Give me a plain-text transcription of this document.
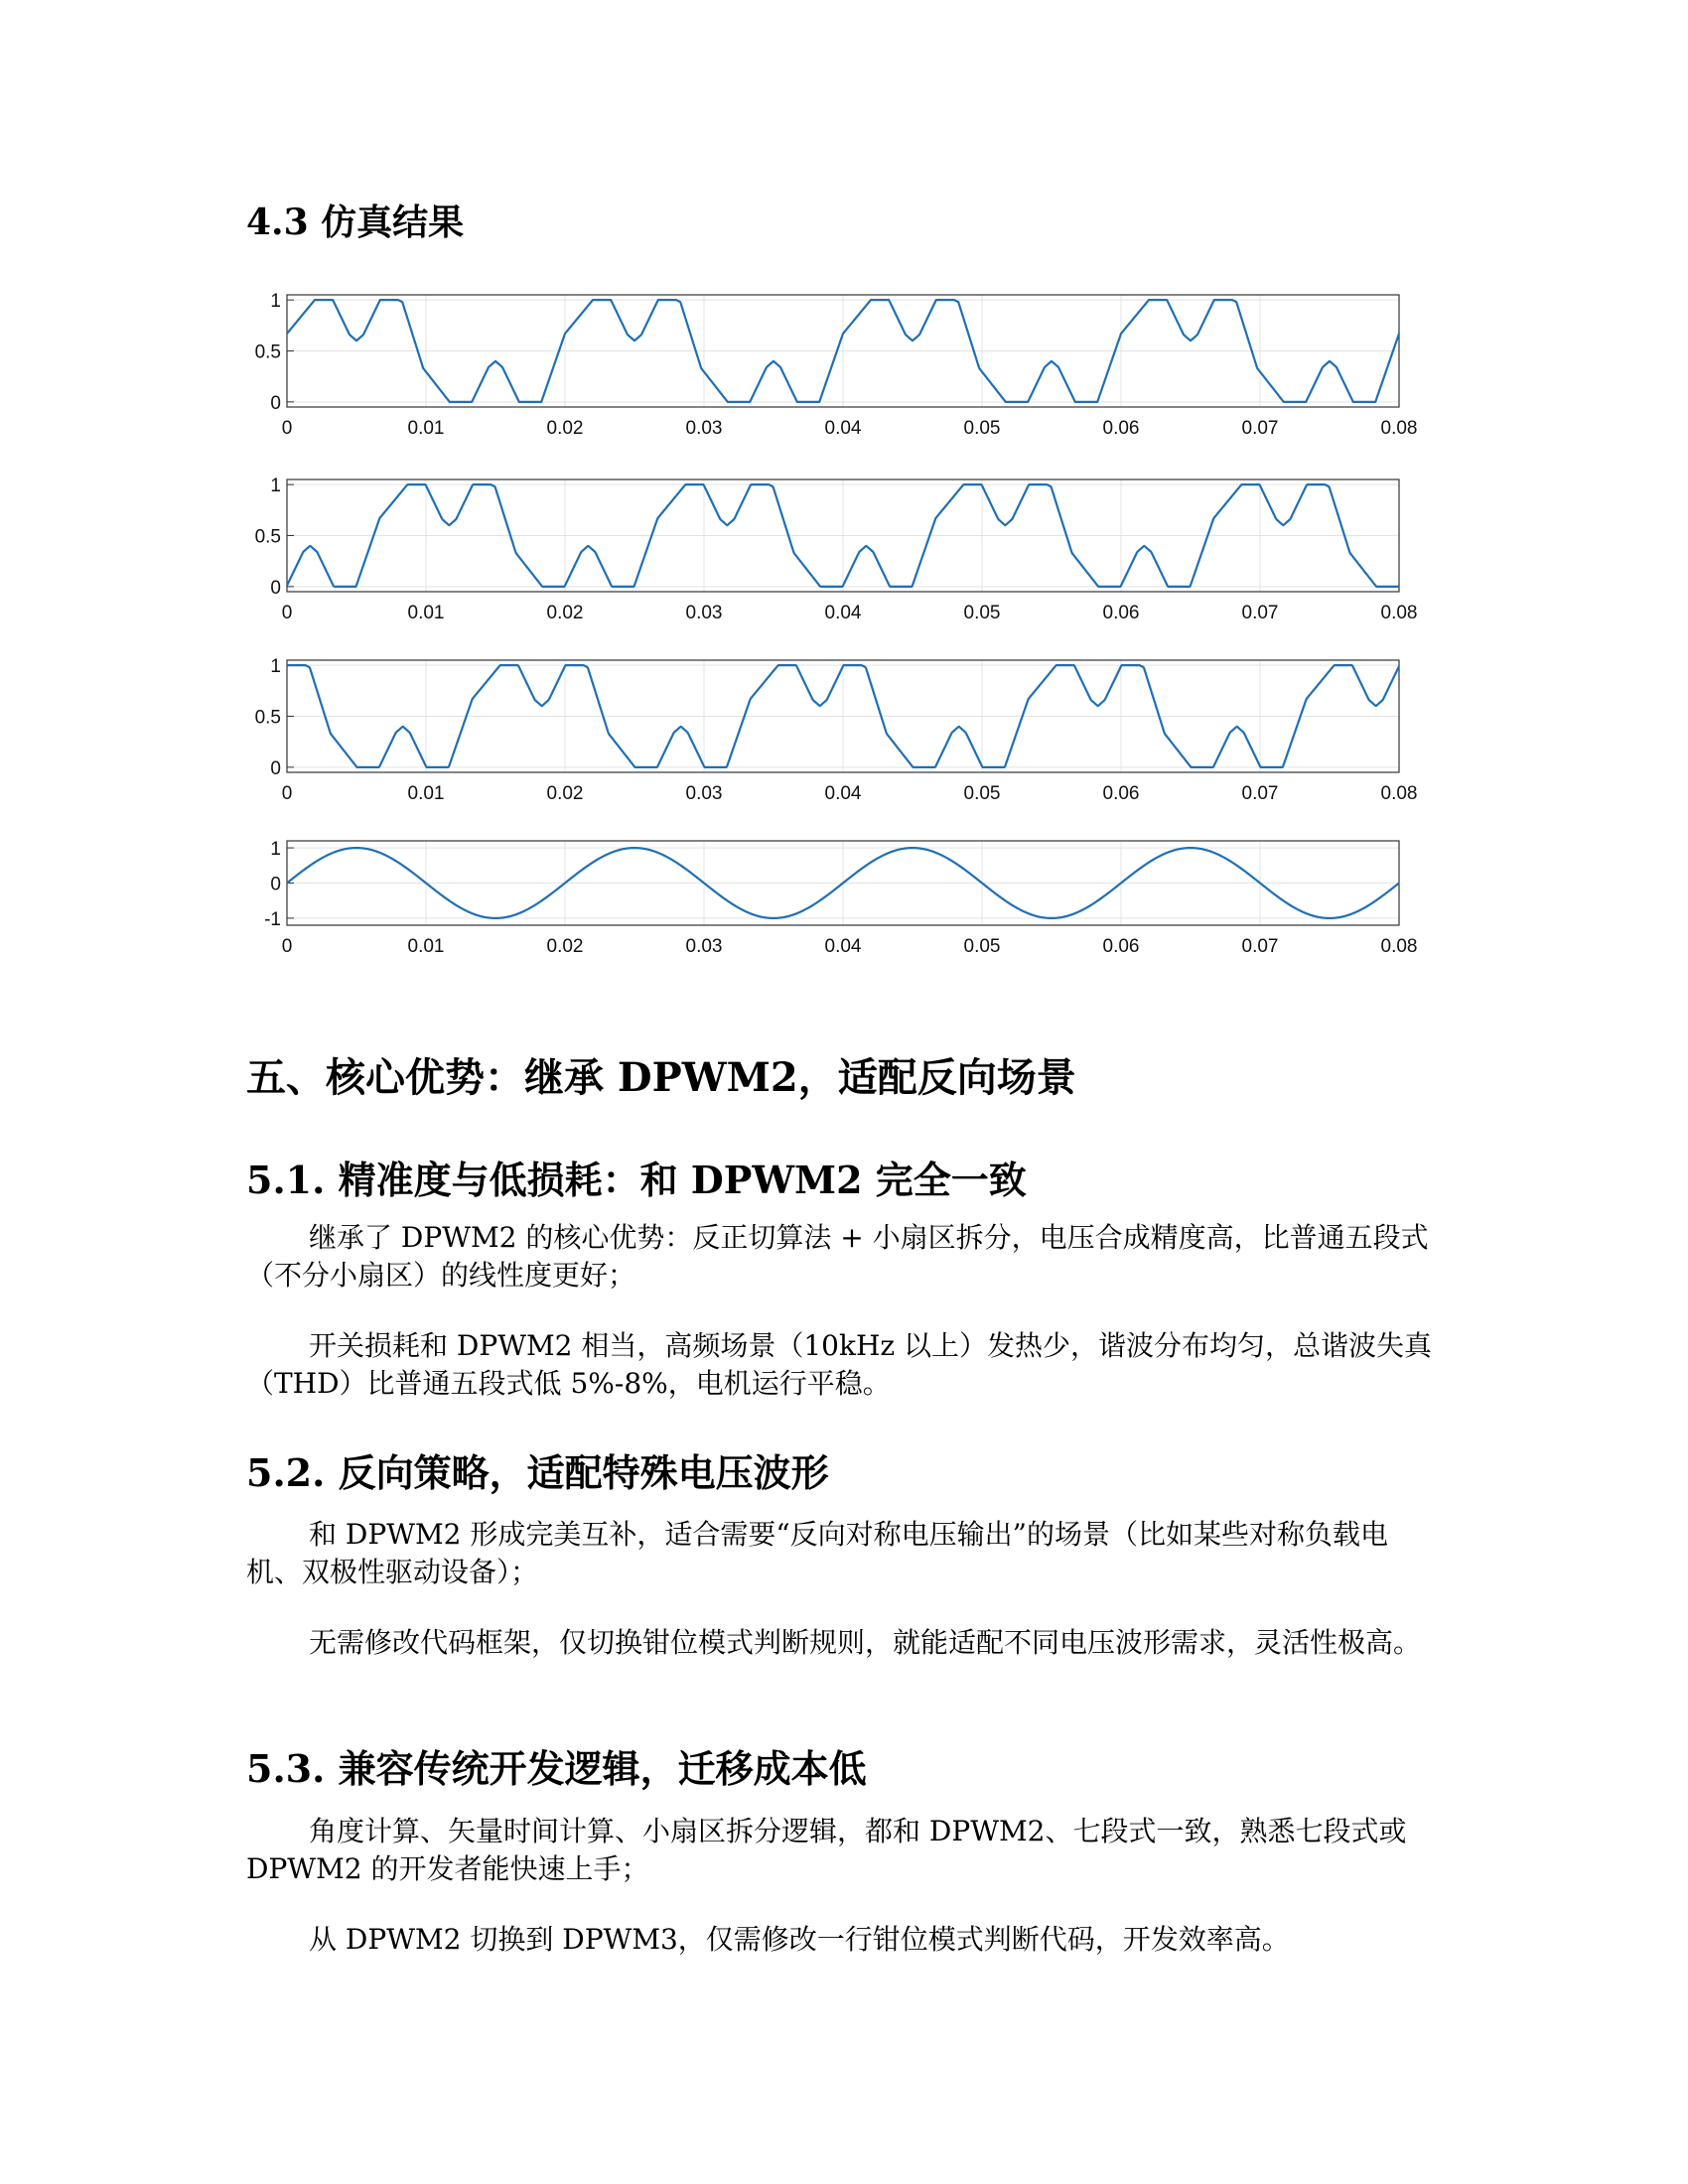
4.3 仿真结果
0	0.01	0.02	0.03	0.04	0.05	0.06	0.07	0.08
1
0.5
0
0	0.01	0.02	0.03	0.04	0.05	0.06	0.07	0.08
1
0.5
0
0	0.01	0.02	0.03	0.04	0.05	0.06	0.07	0.08
1
0.5
0
0	0.01	0.02	0.03	0.04	0.05	0.06	0.07	0.08
1
0
-1
五、核心优势：继承 DPWM2，适配反向场景
5.1. 精准度与低损耗：和 DPWM2 完全一致

继承了 DPWM2 的核心优势：反正切算法 + 小扇区拆分，电压合成精度高，比普通五段式（不分小扇区）的线性度更好；

开关损耗和 DPWM2 相当，高频场景（10kHz 以上）发热少，谐波分布均匀，总谐波失真（THD）比普通五段式低 5%-8%，电机运行平稳。

5.2. 反向策略，适配特殊电压波形

和 DPWM2 形成完美互补，适合需要“反向对称电压输出”的场景（比如某些对称负载电机、双极性驱动设备）；

无需修改代码框架，仅切换钳位模式判断规则，就能适配不同电压波形需求，灵活性极高。

5.3. 兼容传统开发逻辑，迁移成本低

角度计算、矢量时间计算、小扇区拆分逻辑，都和 DPWM2、七段式一致，熟悉七段式或 DPWM2 的开发者能快速上手；

从 DPWM2 切换到 DPWM3，仅需修改一行钳位模式判断代码，开发效率高。
